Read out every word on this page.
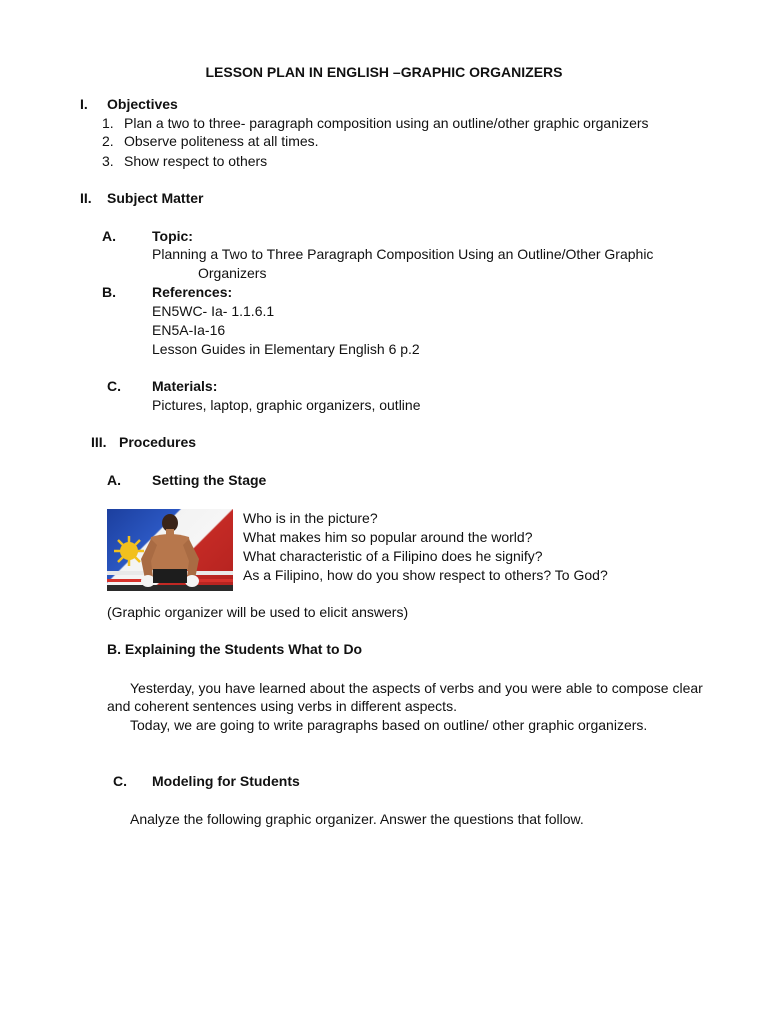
LESSON PLAN IN ENGLISH –GRAPHIC ORGANIZERS
I. Objectives
1. Plan a two to three- paragraph composition using an outline/other graphic organizers
2. Observe politeness at all times.
3. Show respect to others
II. Subject Matter
A.	Topic:
Planning a Two to Three Paragraph Composition Using an Outline/Other Graphic
Organizers
B.	References:
EN5WC- Ia- 1.1.6.1
EN5A-Ia-16
Lesson Guides in Elementary English 6 p.2
C. Materials:
Pictures, laptop, graphic organizers, outline
III. Procedures
A. Setting the Stage
Who is in the picture?
What makes him so popular around the world?
What characteristic of a Filipino does he signify?
As a Filipino, how do you show respect to others? To God?
(Graphic organizer will be used to elicit answers)
B. Explaining the Students What to Do
Yesterday, you have learned about the aspects of verbs and you were able to compose clear
and coherent sentences using verbs in different aspects.
Today, we are going to write paragraphs based on outline/ other graphic organizers.
C. Modeling for Students
Analyze the following graphic organizer. Answer the questions that follow.
